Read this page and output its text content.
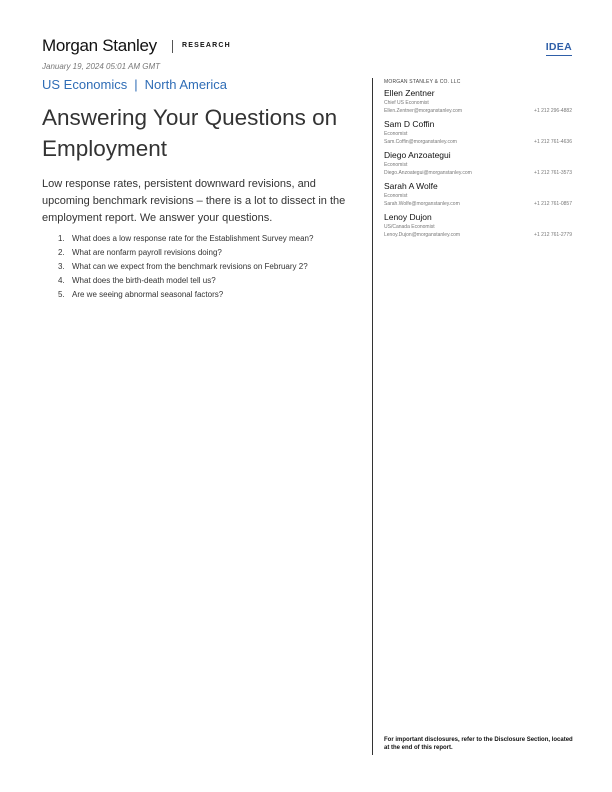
Morgan Stanley	RESEARCH	IDEA
January 19, 2024 05:01 AM GMT
US Economics | North America
Answering Your Questions on Employment

Low response rates, persistent downward revisions, and upcoming benchmark revisions – there is a lot to dissect in the employment report. We answer your questions.

1. What does a low response rate for the Establishment Survey mean?
2. What are nonfarm payroll revisions doing?
3. What can we expect from the benchmark revisions on February 2?
4. What does the birth-death model tell us?
5. Are we seeing abnormal seasonal factors?
MORGAN STANLEY & CO. LLC
Ellen Zentner
Chief US Economist
Ellen.Zentner@morganstanley.com	+1 212 296-4882
Sam D Coffin
Economist
Sam.Coffin@morganstanley.com	+1 212 761-4636
Diego Anzoategui
Economist
Diego.Anzoategui@morganstanley.com	+1 212 761-3573
Sarah A Wolfe
Economist
Sarah.Wolfe@morganstanley.com	+1 212 761-0857
Lenoy Dujon
US/Canada Economist
Lenoy.Dujon@morganstanley.com	+1 212 761-2779
For important disclosures, refer to the Disclosure Section, located at the end of this report.
